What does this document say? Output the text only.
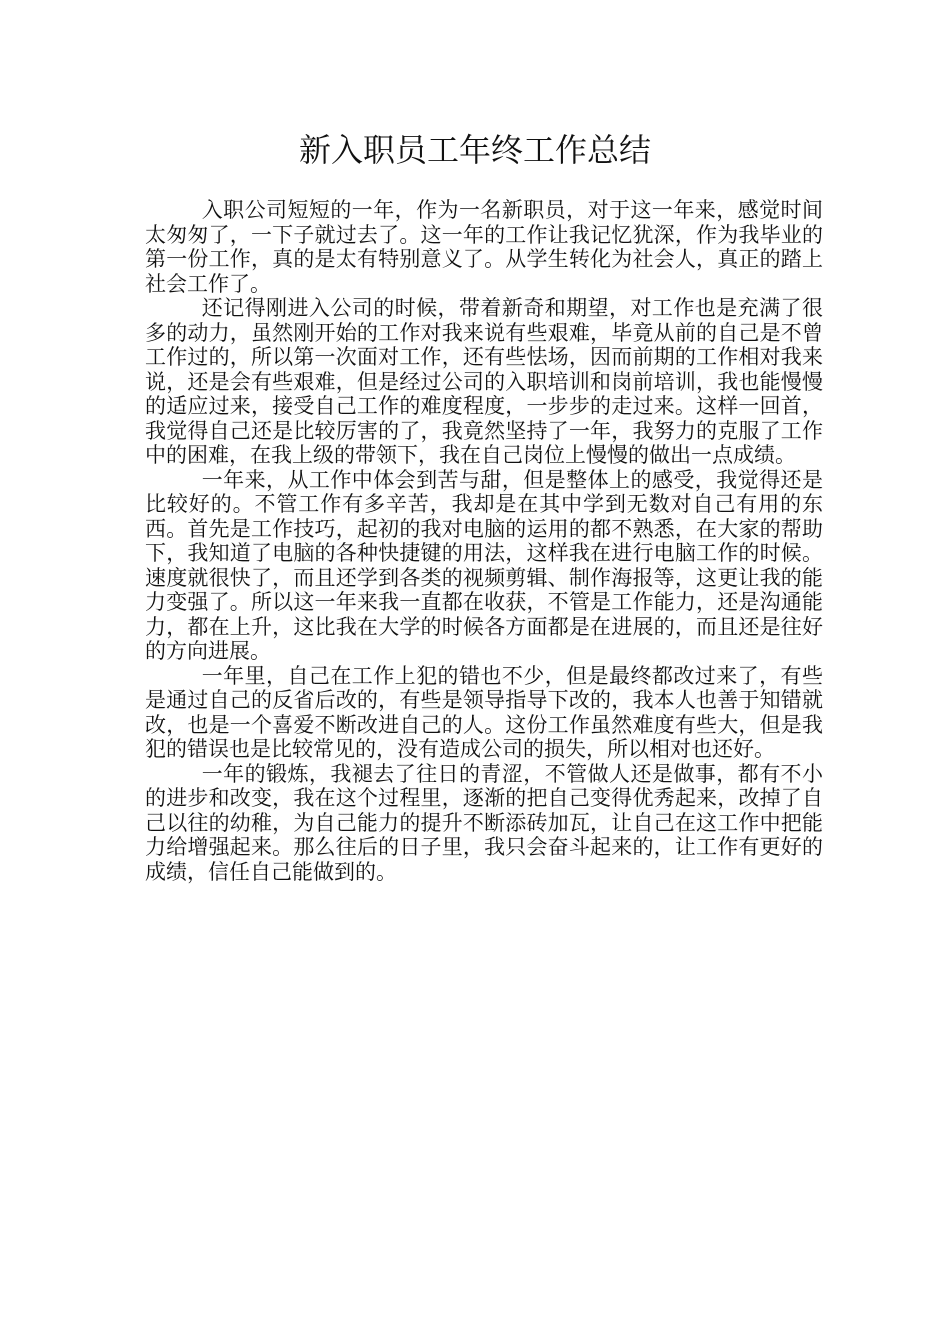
新入职员工年终工作总结

入职公司短短的一年，作为一名新职员，对于这一年来，感觉时间太匆匆了，一下子就过去了。这一年的工作让我记忆犹深，作为我毕业的第一份工作，真的是太有特别意义了。从学生转化为社会人，真正的踏上社会工作了。

还记得刚进入公司的时候，带着新奇和期望，对工作也是充满了很多的动力，虽然刚开始的工作对我来说有些艰难，毕竟从前的自己是不曾工作过的，所以第一次面对工作，还有些怯场，因而前期的工作相对我来说，还是会有些艰难，但是经过公司的入职培训和岗前培训，我也能慢慢的适应过来，接受自己工作的难度程度，一步步的走过来。这样一回首，我觉得自己还是比较厉害的了，我竟然坚持了一年，我努力的克服了工作中的困难，在我上级的带领下，我在自己岗位上慢慢的做出一点成绩。

一年来，从工作中体会到苦与甜，但是整体上的感受，我觉得还是比较好的。不管工作有多辛苦，我却是在其中学到无数对自己有用的东西。首先是工作技巧，起初的我对电脑的运用的都不熟悉，在大家的帮助下，我知道了电脑的各种快捷键的用法，这样我在进行电脑工作的时候。速度就很快了，而且还学到各类的视频剪辑、制作海报等，这更让我的能力变强了。所以这一年来我一直都在收获，不管是工作能力，还是沟通能力，都在上升，这比我在大学的时候各方面都是在进展的，而且还是往好的方向进展。

一年里，自己在工作上犯的错也不少，但是最终都改过来了，有些是通过自己的反省后改的，有些是领导指导下改的，我本人也善于知错就改，也是一个喜爱不断改进自己的人。这份工作虽然难度有些大，但是我犯的错误也是比较常见的，没有造成公司的损失，所以相对也还好。

一年的锻炼，我褪去了往日的青涩，不管做人还是做事，都有不小的进步和改变，我在这个过程里，逐渐的把自己变得优秀起来，改掉了自己以往的幼稚，为自己能力的提升不断添砖加瓦，让自己在这工作中把能力给增强起来。那么往后的日子里，我只会奋斗起来的，让工作有更好的成绩，信任自己能做到的。
